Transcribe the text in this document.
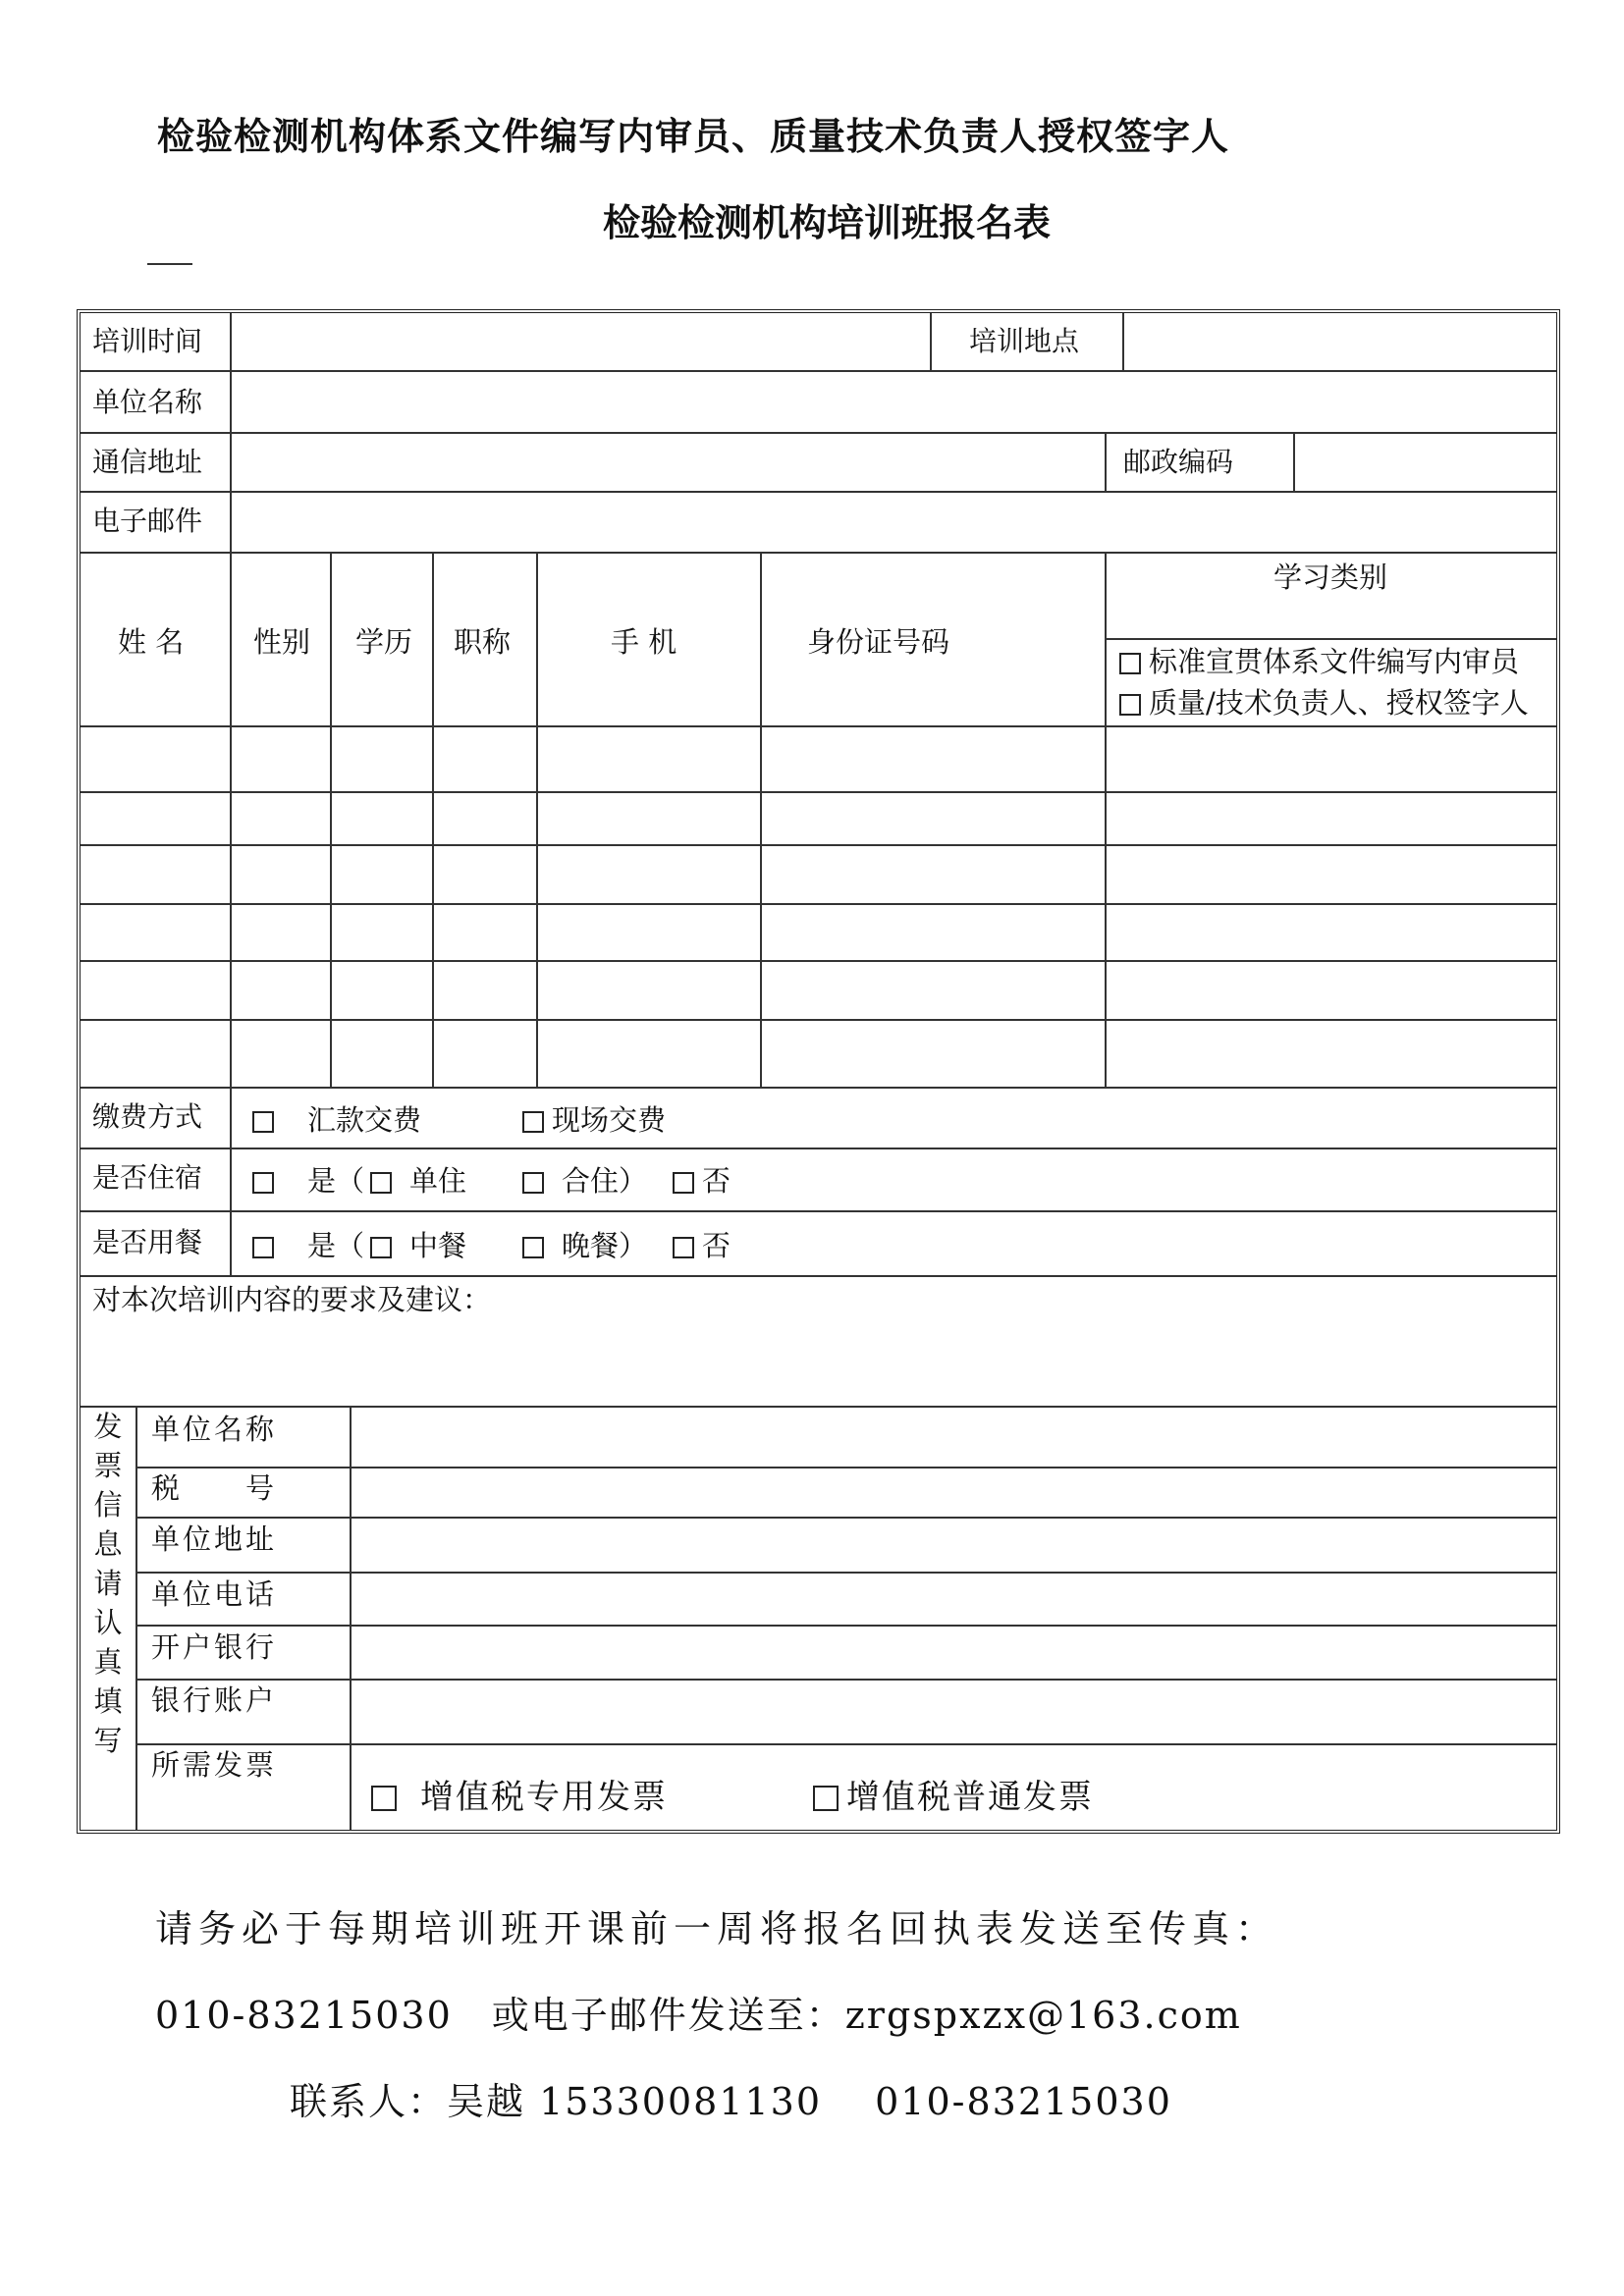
检验检测机构体系文件编写内审员、质量技术负责人授权签字人
检验检测机构培训班报名表
培训时间	培训地点
单位名称
通信地址	邮政编码
电子邮件
姓 名 性别 学历 职称	手 机	身份证号码
学习类别
标准宣贯体系文件编写内审员
质量/技术负责人、授权签字人
缴费方式	汇款交费	现场交费
是否住宿	是（	单住	合住）	否
是否用餐	是（	中餐	晚餐）	否
对本次培训内容的要求及建议：
发
票
信
息
请
认
真
填
写
单位名称
税　　号
单位地址
单位电话
开户银行
银行账户
所需发票
增值税专用发票	增值税普通发票
请务必于每期培训班开课前一周将报名回执表发送至传真：
010-83215030　或电子邮件发送至：zrgspxzx@163.com
联系人：吴越 15330081130　 010-83215030
